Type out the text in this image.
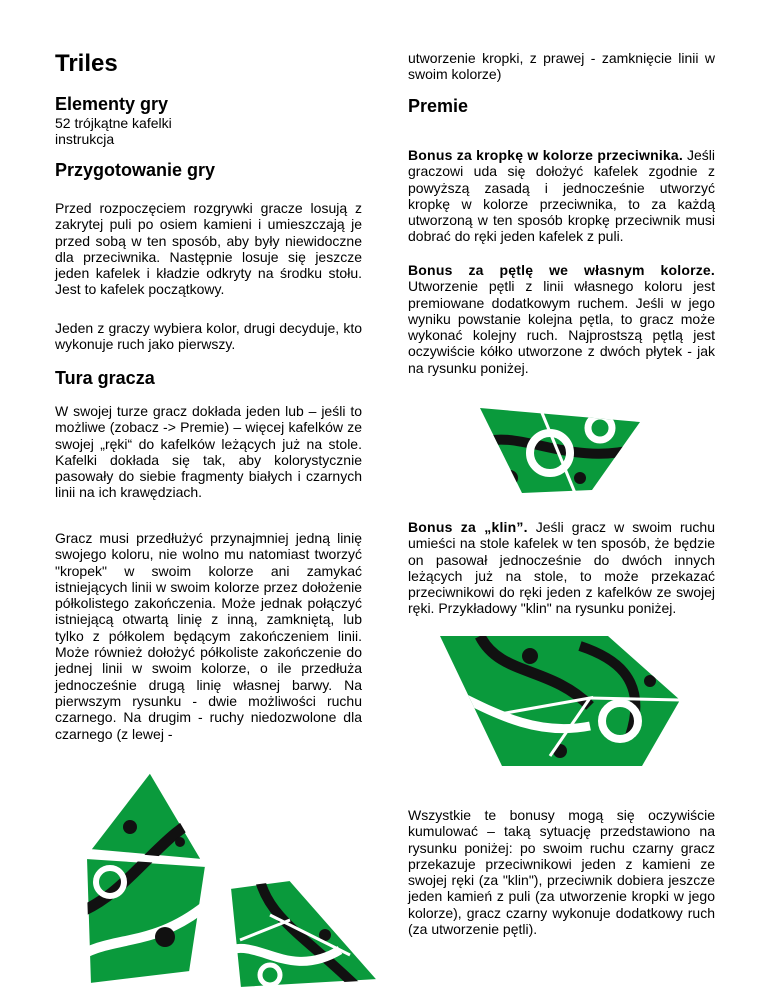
Triles
Elementy gry
52 trójkątne kafelki
instrukcja
Przygotowanie gry

Przed rozpoczęciem rozgrywki gracze losują z zakrytej puli po osiem kamieni i umieszczają je przed sobą w ten sposób, aby były niewidoczne dla przeciwnika. Następnie losuje się jeszcze jeden kafelek i kładzie odkryty na środku stołu. Jest to kafelek początkowy.

Jeden z graczy wybiera kolor, drugi decyduje, kto wykonuje ruch jako pierwszy.

Tura gracza

W swojej turze gracz dokłada jeden lub – jeśli to możliwe (zobacz -> Premie) – więcej kafelków ze swojej „ręki“ do kafelków leżących już na stole. Kafelki dokłada się tak, aby kolorystycznie pasowały do siebie fragmenty białych i czarnych linii na ich krawędziach.

Gracz musi przedłużyć przynajmniej jedną linię swojego koloru, nie wolno mu natomiast tworzyć "kropek" w swoim kolorze ani zamykać istniejących linii w swoim kolorze przez dołożenie półkolistego zakończenia. Może jednak połączyć istniejącą otwartą linię z inną, zamkniętą, lub tylko z półkolem będącym zakończeniem linii. Może również dołożyć półkoliste zakończenie do jednej linii w swoim kolorze, o ile przedłuża jednocześnie drugą linię własnej barwy. Na pierwszym rysunku - dwie możliwości ruchu czarnego. Na drugim - ruchy niedozwolone dla czarnego (z lewej -

utworzenie kropki, z prawej - zamknięcie linii w swoim kolorze)

Premie

Bonus za kropkę w kolorze przeciwnika. Jeśli graczowi uda się dołożyć kafelek zgodnie z powyższą zasadą i jednocześnie utworzyć kropkę w kolorze przeciwnika, to za każdą utworzoną w ten sposób kropkę przeciwnik musi dobrać do ręki jeden kafelek z puli.

Bonus za pętlę we własnym kolorze. Utworzenie pętli z linii własnego koloru jest premiowane dodatkowym ruchem. Jeśli w jego wyniku powstanie kolejna pętla, to gracz może wykonać kolejny ruch. Najprostszą pętlą jest oczywiście kółko utworzone z dwóch płytek - jak na rysunku poniżej.

Bonus za „klin”. Jeśli gracz w swoim ruchu umieści na stole kafelek w ten sposób, że będzie on pasował jednocześnie do dwóch innych leżących już na stole, to może przekazać przeciwnikowi do ręki jeden z kafelków ze swojej ręki. Przykładowy "klin" na rysunku poniżej.

Wszystkie te bonusy mogą się oczywiście kumulować – taką sytuację przedstawiono na rysunku poniżej: po swoim ruchu czarny gracz przekazuje przeciwnikowi jeden z kamieni ze swojej ręki (za "klin"), przeciwnik dobiera jeszcze jeden kamień z puli (za utworzenie kropki w jego kolorze), gracz czarny wykonuje dodatkowy ruch (za utworzenie pętli).
